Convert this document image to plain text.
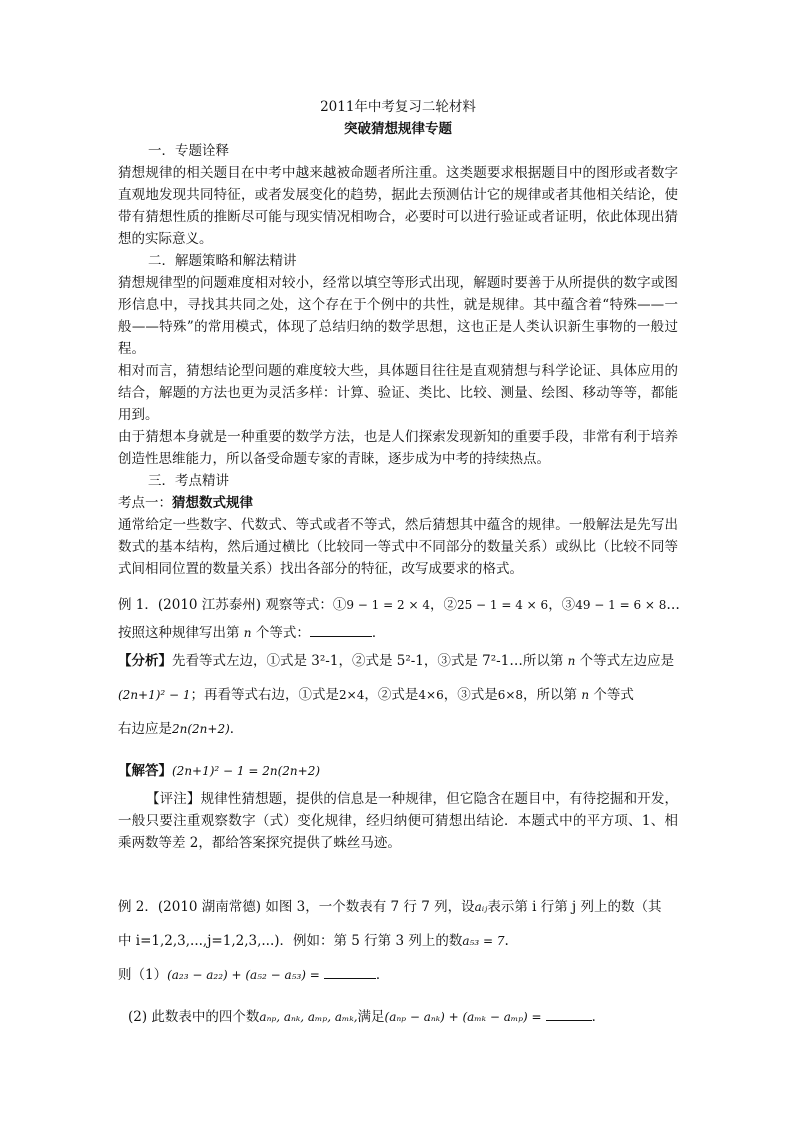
2011年中考复习二轮材料
突破猜想规律专题
一．专题诠释

猜想规律的相关题目在中考中越来越被命题者所注重。这类题要求根据题目中的图形或者数字直观地发现共同特征，或者发展变化的趋势，据此去预测估计它的规律或者其他相关结论，使带有猜想性质的推断尽可能与现实情况相吻合，必要时可以进行验证或者证明，依此体现出猜想的实际意义。

二．解题策略和解法精讲

猜想规律型的问题难度相对较小，经常以填空等形式出现，解题时要善于从所提供的数字或图形信息中，寻找其共同之处，这个存在于个例中的共性，就是规律。其中蕴含着“特殊——一般——特殊”的常用模式，体现了总结归纳的数学思想，这也正是人类认识新生事物的一般过程。

相对而言，猜想结论型问题的难度较大些，具体题目往往是直观猜想与科学论证、具体应用的结合，解题的方法也更为灵活多样：计算、验证、类比、比较、测量、绘图、移动等等，都能用到。

由于猜想本身就是一种重要的数学方法，也是人们探索发现新知的重要手段，非常有利于培养创造性思维能力，所以备受命题专家的青睐，逐步成为中考的持续热点。

三．考点精讲
考点一：猜想数式规律

通常给定一些数字、代数式、等式或者不等式，然后猜想其中蕴含的规律。一般解法是先写出数式的基本结构，然后通过横比（比较同一等式中不同部分的数量关系）或纵比（比较不同等式间相同位置的数量关系）找出各部分的特征，改写成要求的格式。

例 1．(2010 江苏泰州) 观察等式：①9 − 1 = 2 × 4，②25 − 1 = 4 × 6，③49 − 1 = 6 × 8…
按照这种规律写出第 n 个等式：	．
【分析】先看等式左边，①式是 3²-1，②式是 5²-1，③式是 7²-1…所以第 n 个等式左边应是
(2n+1)² − 1；再看等式右边，①式是2×4，②式是4×6，③式是6×8，所以第 n 个等式
右边应是2n(2n+2)．
【解答】(2n+1)² − 1 = 2n(2n+2)

【评注】规律性猜想题，提供的信息是一种规律，但它隐含在题目中，有待挖掘和开发，一般只要注重观察数字（式）变化规律，经归纳便可猜想出结论．本题式中的平方项、1、相乘两数等差 2，都给答案探究提供了蛛丝马迹。

例 2．(2010 湖南常德) 如图 3，一个数表有 7 行 7 列，设aᵢⱼ表示第 i 行第 j 列上的数（其
中 i=1,2,3,...,j=1,2,3,...)．例如：第 5 行第 3 列上的数a₅₃ = 7.
则（1）(a₂₃ − a₂₂) + (a₅₂ − a₅₃) =	．
(2) 此数表中的四个数aₙₚ, aₙₖ, aₘₚ, aₘₖ,满足(aₙₚ − aₙₖ) + (aₘₖ − aₘₚ) =	．
